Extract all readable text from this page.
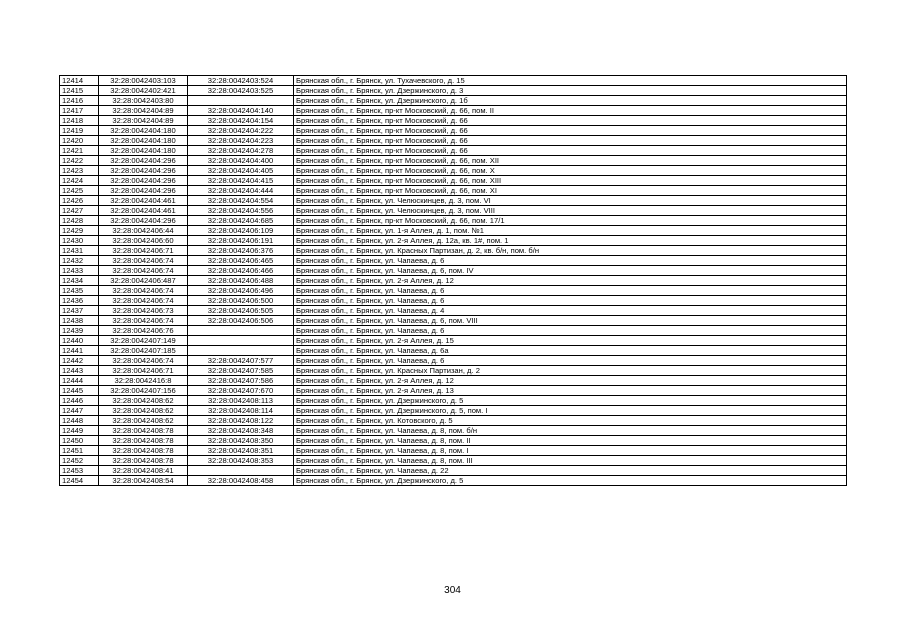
12414	32:28:0042403:103	32:28:0042403:524	Брянская обл., г. Брянск, ул. Тухачевского, д. 15
12415	32:28:0042402:421	32:28:0042403:525	Брянская обл., г. Брянск, ул. Дзержинского, д. 3
12416	32:28:0042403:80		Брянская обл., г. Брянск, ул. Дзержинского, д. 1б
12417	32:28:0042404:89	32:28:0042404:140	Брянская обл., г. Брянск, пр-кт Московский, д. 66, пом. II
12418	32:28:0042404:89	32:28:0042404:154	Брянская обл., г. Брянск, пр-кт Московский, д. 66
12419	32:28:0042404:180	32:28:0042404:222	Брянская обл., г. Брянск, пр-кт Московский, д. 66
12420	32:28:0042404:180	32:28:0042404:223	Брянская обл., г. Брянск, пр-кт Московский, д. 66
12421	32:28:0042404:180	32:28:0042404:278	Брянская обл., г. Брянск, пр-кт Московский, д. 66
12422	32:28:0042404:296	32:28:0042404:400	Брянская обл., г. Брянск, пр-кт Московский, д. 66, пом. XII
12423	32:28:0042404:296	32:28:0042404:405	Брянская обл., г. Брянск, пр-кт Московский, д. 66, пом. X
12424	32:28:0042404:296	32:28:0042404:415	Брянская обл., г. Брянск, пр-кт Московский, д. 66, пом. XIII
12425	32:28:0042404:296	32:28:0042404:444	Брянская обл., г. Брянск, пр-кт Московский, д. 66, пом. XI
12426	32:28:0042404:461	32:28:0042404:554	Брянская обл., г. Брянск, ул. Челюскинцев, д. 3, пом. VI
12427	32:28:0042404:461	32:28:0042404:556	Брянская обл., г. Брянск, ул. Челюскинцев, д. 3, пом. VIII
12428	32:28:0042404:296	32:28:0042404:685	Брянская обл., г. Брянск, пр-кт Московский, д. 66, пом. 17/1
12429	32:28:0042406:44	32:28:0042406:109	Брянская обл., г. Брянск, ул. 1-я Аллея, д. 1, пом. №1
12430	32:28:0042406:60	32:28:0042406:191	Брянская обл., г. Брянск, ул. 2-я Аллея, д. 12а, кв. 1#, пом. 1
12431	32:28:0042406:71	32:28:0042406:376	Брянская обл., г. Брянск, ул. Красных Партизан, д. 2, кв. б/н, пом. б/н
12432	32:28:0042406:74	32:28:0042406:465	Брянская обл., г. Брянск, ул. Чапаева, д. 6
12433	32:28:0042406:74	32:28:0042406:466	Брянская обл., г. Брянск, ул. Чапаева, д. 6, пом. IV
12434	32:28:0042406:487	32:28:0042406:488	Брянская обл., г. Брянск, ул. 2-я Аллея, д. 12
12435	32:28:0042406:74	32:28:0042406:496	Брянская обл., г. Брянск, ул. Чапаева, д. 6
12436	32:28:0042406:74	32:28:0042406:500	Брянская обл., г. Брянск, ул. Чапаева, д. 6
12437	32:28:0042406:73	32:28:0042406:505	Брянская обл., г. Брянск, ул. Чапаева, д. 4
12438	32:28:0042406:74	32:28:0042406:506	Брянская обл., г. Брянск, ул. Чапаева, д. 6, пом. VIII
12439	32:28:0042406:76		Брянская обл., г. Брянск, ул. Чапаева, д. 6
12440	32:28:0042407:149		Брянская обл., г. Брянск, ул. 2-я Аллея, д. 15
12441	32:28:0042407:185		Брянская обл., г. Брянск, ул. Чапаева, д. 6а
12442	32:28:0042406:74	32:28:0042407:577	Брянская обл., г. Брянск, ул. Чапаева, д. 6
12443	32:28:0042406:71	32:28:0042407:585	Брянская обл., г. Брянск, ул. Красных Партизан, д. 2
12444	32:28:0042416:8	32:28:0042407:586	Брянская обл., г. Брянск, ул. 2-я Аллея, д. 12
12445	32:28:0042407:156	32:28:0042407:670	Брянская обл., г. Брянск, ул. 2-я Аллея, д. 13
12446	32:28:0042408:62	32:28:0042408:113	Брянская обл., г. Брянск, ул. Дзержинского, д. 5
12447	32:28:0042408:62	32:28:0042408:114	Брянская обл., г. Брянск, ул. Дзержинского, д. 5, пом. I
12448	32:28:0042408:62	32:28:0042408:122	Брянская обл., г. Брянск, ул. Котовского, д. 5
12449	32:28:0042408:78	32:28:0042408:348	Брянская обл., г. Брянск, ул. Чапаева, д. 8, пом. б/н
12450	32:28:0042408:78	32:28:0042408:350	Брянская обл., г. Брянск, ул. Чапаева, д. 8, пом. II
12451	32:28:0042408:78	32:28:0042408:351	Брянская обл., г. Брянск, ул. Чапаева, д. 8, пом. I
12452	32:28:0042408:78	32:28:0042408:353	Брянская обл., г. Брянск, ул. Чапаева, д. 8, пом. III
12453	32:28:0042408:41		Брянская обл., г. Брянск, ул. Чапаева, д. 22
12454	32:28:0042408:54	32:28:0042408:458	Брянская обл., г. Брянск, ул. Дзержинского, д. 5
304
